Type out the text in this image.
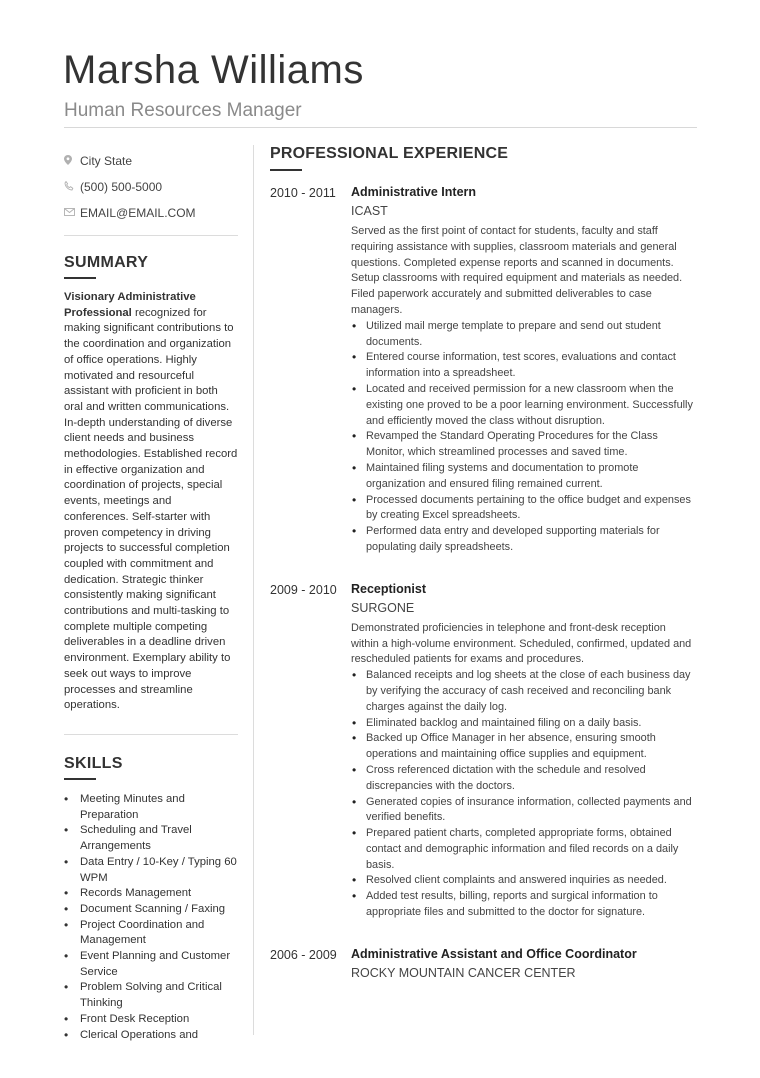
Marsha Williams
Human Resources Manager
City State
(500) 500-5000
EMAIL@EMAIL.COM
SUMMARY
Visionary Administrative Professional recognized for making significant contributions to the coordination and organization of office operations. Highly motivated and resourceful assistant with proficient in both oral and written communications. In-depth understanding of diverse client needs and business methodologies. Established record in effective organization and coordination of projects, special events, meetings and conferences. Self-starter with proven competency in driving projects to successful completion coupled with commitment and dedication. Strategic thinker consistently making significant contributions and multi-tasking to complete multiple competing deliverables in a deadline driven environment. Exemplary ability to seek out ways to improve processes and streamline operations.
SKILLS
• Meeting Minutes and Preparation
• Scheduling and Travel Arrangements
• Data Entry / 10-Key / Typing 60 WPM
• Records Management
• Document Scanning / Faxing
• Project Coordination and Management
• Event Planning and Customer Service
• Problem Solving and Critical Thinking
• Front Desk Reception
• Clerical Operations and
PROFESSIONAL EXPERIENCE
2010 - 2011	Administrative Intern
ICAST
Served as the first point of contact for students, faculty and staff requiring assistance with supplies, classroom materials and general questions. Completed expense reports and scanned in documents. Setup classrooms with required equipment and materials as needed. Filed paperwork accurately and submitted deliverables to case managers.
• Utilized mail merge template to prepare and send out student documents.
• Entered course information, test scores, evaluations and contact information into a spreadsheet.
• Located and received permission for a new classroom when the existing one proved to be a poor learning environment. Successfully and efficiently moved the class without disruption.
• Revamped the Standard Operating Procedures for the Class Monitor, which streamlined processes and saved time.
• Maintained filing systems and documentation to promote organization and ensured filing remained current.
• Processed documents pertaining to the office budget and expenses by creating Excel spreadsheets.
• Performed data entry and developed supporting materials for populating daily spreadsheets.
2009 - 2010	Receptionist
SURGONE
Demonstrated proficiencies in telephone and front-desk reception within a high-volume environment. Scheduled, confirmed, updated and rescheduled patients for exams and procedures.
• Balanced receipts and log sheets at the close of each business day by verifying the accuracy of cash received and reconciling bank charges against the daily log.
• Eliminated backlog and maintained filing on a daily basis.
• Backed up Office Manager in her absence, ensuring smooth operations and maintaining office supplies and equipment.
• Cross referenced dictation with the schedule and resolved discrepancies with the doctors.
• Generated copies of insurance information, collected payments and verified benefits.
• Prepared patient charts, completed appropriate forms, obtained contact and demographic information and filed records on a daily basis.
• Resolved client complaints and answered inquiries as needed.
• Added test results, billing, reports and surgical information to appropriate files and submitted to the doctor for signature.
2006 - 2009	Administrative Assistant and Office Coordinator
ROCKY MOUNTAIN CANCER CENTER
